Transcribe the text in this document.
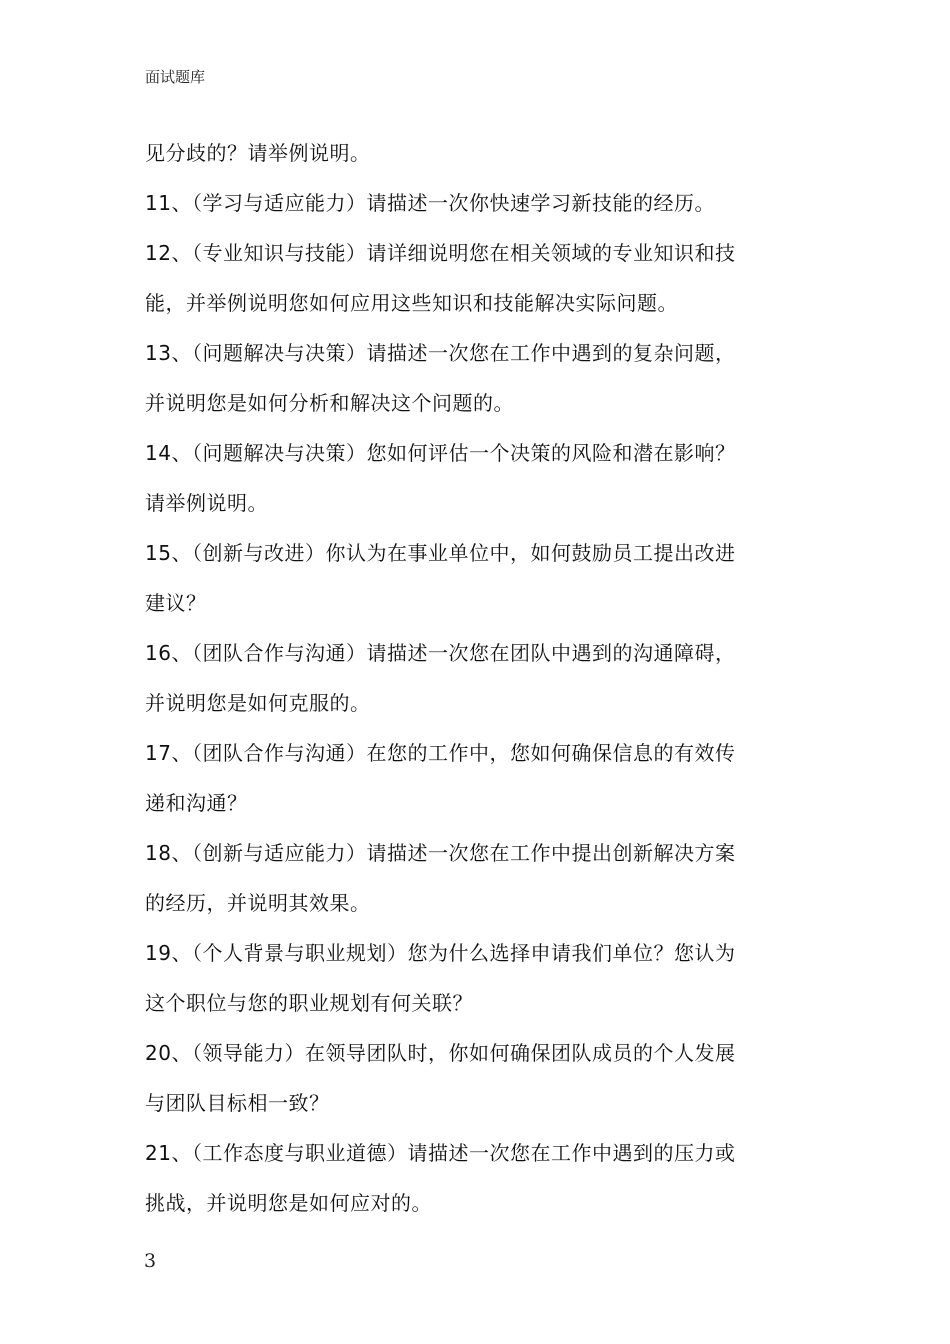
面试题库
见分歧的？请举例说明。
11、（学习与适应能力）请描述一次你快速学习新技能的经历。
12、（专业知识与技能）请详细说明您在相关领域的专业知识和技
能，并举例说明您如何应用这些知识和技能解决实际问题。
13、（问题解决与决策）请描述一次您在工作中遇到的复杂问题，
并说明您是如何分析和解决这个问题的。
14、（问题解决与决策）您如何评估一个决策的风险和潜在影响？
请举例说明。
15、（创新与改进）你认为在事业单位中，如何鼓励员工提出改进
建议？
16、（团队合作与沟通）请描述一次您在团队中遇到的沟通障碍，
并说明您是如何克服的。
17、（团队合作与沟通）在您的工作中，您如何确保信息的有效传
递和沟通？
18、（创新与适应能力）请描述一次您在工作中提出创新解决方案
的经历，并说明其效果。
19、（个人背景与职业规划）您为什么选择申请我们单位？您认为
这个职位与您的职业规划有何关联？
20、（领导能力）在领导团队时，你如何确保团队成员的个人发展
与团队目标相一致？
21、（工作态度与职业道德）请描述一次您在工作中遇到的压力或
挑战，并说明您是如何应对的。
3
